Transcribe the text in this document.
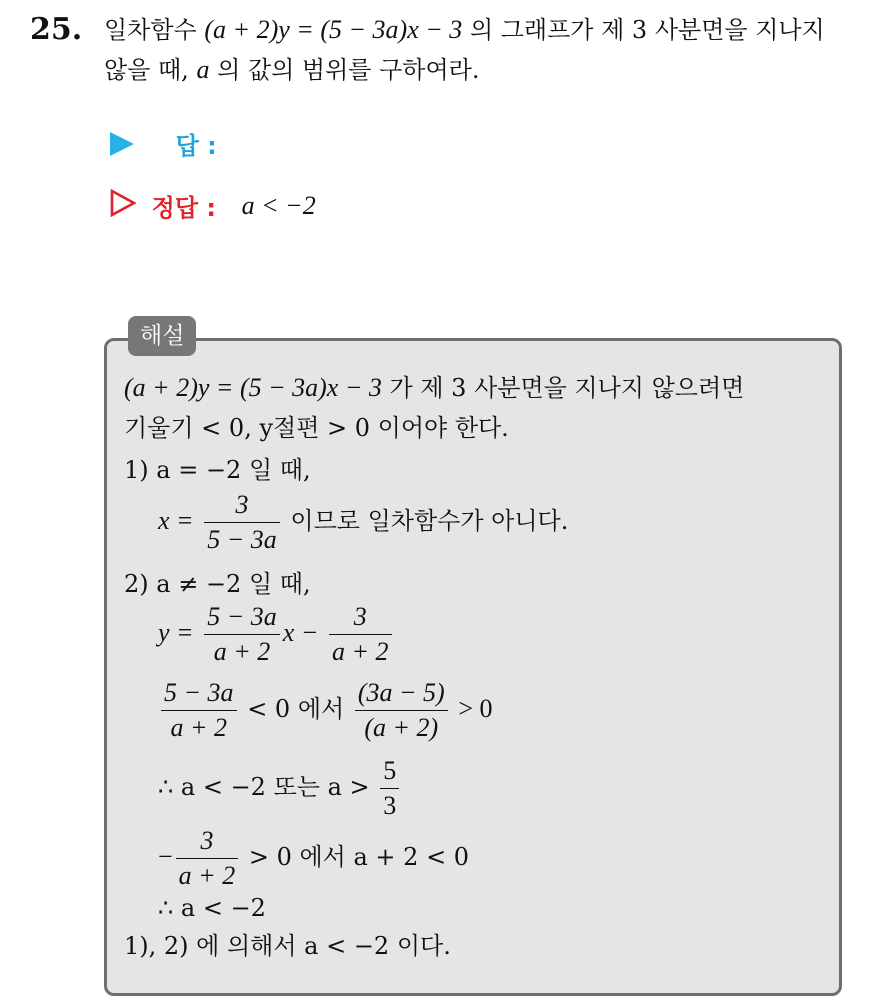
25. 일차함수 (a + 2)y = (5 − 3a)x − 3 의 그래프가 제 3 사분면을 지나지
않을 때, a 의 값의 범위를 구하여라.
답 :
정답 : a < −2
해설
(a + 2)y = (5 − 3a)x − 3 가 제 3 사분면을 지나지 않으려면
기울기 < 0, y절편 > 0 이어야 한다.
1) a = −2 일 때,
$x = \frac{3}{5 - 3a}$ 이므로 일차함수가 아니다.
2) a ≠ −2 일 때,
$y = \frac{5 - 3a}{a + 2}$ $x - \frac{3}{a + 2}$
$\frac{5 - 3a}{a + 2} < 0$ 에서 $\frac{(3a - 5)}{(a + 2)} > 0$
∴ a < −2 또는 $a > \frac{5}{3}$
− $\frac{3}{a + 2} > 0$ 에서 a + 2 < 0
∴ a < −2
1), 2) 에 의해서 a < −2 이다.
